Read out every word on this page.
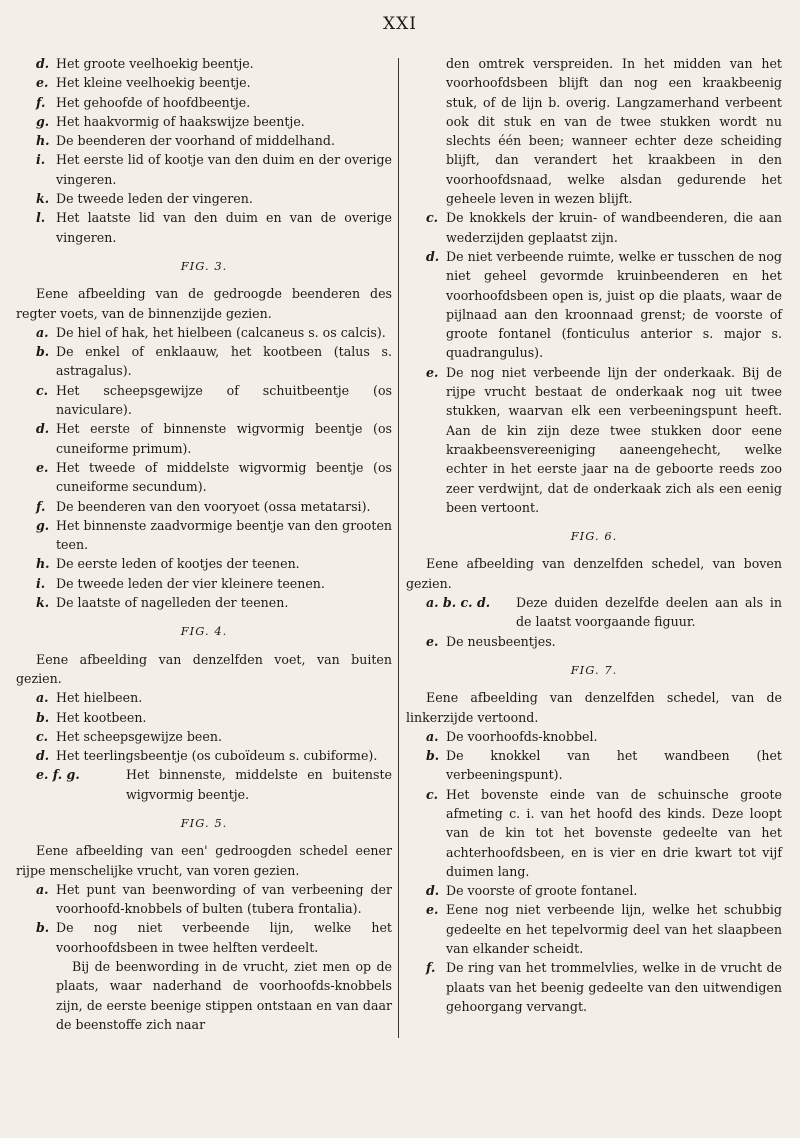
XXI
d. Het groote veelhoekig beentje.
e. Het kleine veelhoekig beentje.
f. Het gehoofde of hoofdbeentje.
g. Het haakvormig of haakswijze beentje.
h. De beenderen der voorhand of middelhand.
i. Het eerste lid of kootje van den duim en der overige vingeren.
k. De tweede leden der vingeren.
l. Het laatste lid van den duim en van de overige vingeren.
FIG. 3.

Eene afbeelding van de gedroogde beenderen des regter voets, van de binnenzijde gezien.

a. De hiel of hak, het hielbeen (calcaneus s. os calcis).
b. De enkel of enklaauw, het kootbeen (talus s. astragalus).
c. Het scheepsgewijze of schuitbeentje (os naviculare).
d. Het eerste of binnenste wigvormig beentje (os cuneiforme primum).
e. Het tweede of middelste wigvormig beentje (os cuneiforme secundum).
f. De beenderen van den vooryoet (ossa metatarsi).
g. Het binnenste zaadvormige beentje van den grooten teen.
h. De eerste leden of kootjes der teenen.
i. De tweede leden der vier kleinere teenen.
k. De laatste of nagelleden der teenen.
FIG. 4.

Eene afbeelding van denzelfden voet, van buiten gezien.

a. Het hielbeen.
b. Het kootbeen.
c. Het scheepsgewijze been.
d. Het teerlingsbeentje (os cuboïdeum s. cubiforme).
e. f. g.	Het binnenste, middelste en buitenste wigvormig beentje.
FIG. 5.

Eene afbeelding van een' gedroogden schedel eener rijpe menschelijke vrucht, van voren gezien.

a. Het punt van beenwording of van verbeening der voorhoofd-knobbels of bulten (tubera frontalia).
b. De nog niet verbeende lijn, welke het voorhoofdsbeen in twee helften verdeelt.
Bij de beenwording in de vrucht, ziet men op de plaats, waar naderhand de voorhoofds-knobbels zijn, de eerste beenige stippen ontstaan en van daar de beenstoffe zich naar
den omtrek verspreiden. In het midden van het voorhoofdsbeen blijft dan nog een kraakbeenig stuk, of de lijn b. overig. Langzamerhand verbeent ook dit stuk en van de twee stukken wordt nu slechts één been; wanneer echter deze scheiding blijft, dan verandert het kraakbeen in den voorhoofdsnaad, welke alsdan gedurende het geheele leven in wezen blijft.
c. De knokkels der kruin- of wandbeenderen, die aan wederzijden geplaatst zijn.
d. De niet verbeende ruimte, welke er tusschen de nog niet geheel gevormde kruinbeenderen en het voorhoofdsbeen open is, juist op die plaats, waar de pijlnaad aan den kroonnaad grenst; de voorste of groote fontanel (fonticulus anterior s. major s. quadrangulus).
e. De nog niet verbeende lijn der onderkaak. Bij de rijpe vrucht bestaat de onderkaak nog uit twee stukken, waarvan elk een verbeeningspunt heeft. Aan de kin zijn deze twee stukken door eene kraakbeensvereeniging aaneengehecht, welke echter in het eerste jaar na de geboorte reeds zoo zeer verdwijnt, dat de onderkaak zich als een eenig been vertoont.
FIG. 6.

Eene afbeelding van denzelfden schedel, van boven gezien.

a. b. c. d.	Deze duiden dezelfde deelen aan als in de laatst voorgaande figuur.
e. De neusbeentjes.
FIG. 7.

Eene afbeelding van denzelfden schedel, van de linkerzijde vertoond.

a. De voorhoofds-knobbel.
b. De knokkel van het wandbeen (het verbeeningspunt).
c. Het bovenste einde van de schuinsche groote afmeting c. i. van het hoofd des kinds. Deze loopt van de kin tot het bovenste gedeelte van het achterhoofdsbeen, en is vier en drie kwart tot vijf duimen lang.
d. De voorste of groote fontanel.
e. Eene nog niet verbeende lijn, welke het schubbig gedeelte en het tepelvormig deel van het slaapbeen van elkander scheidt.
f. De ring van het trommelvlies, welke in de vrucht de plaats van het beenig gedeelte van den uitwendigen gehoorgang vervangt.
